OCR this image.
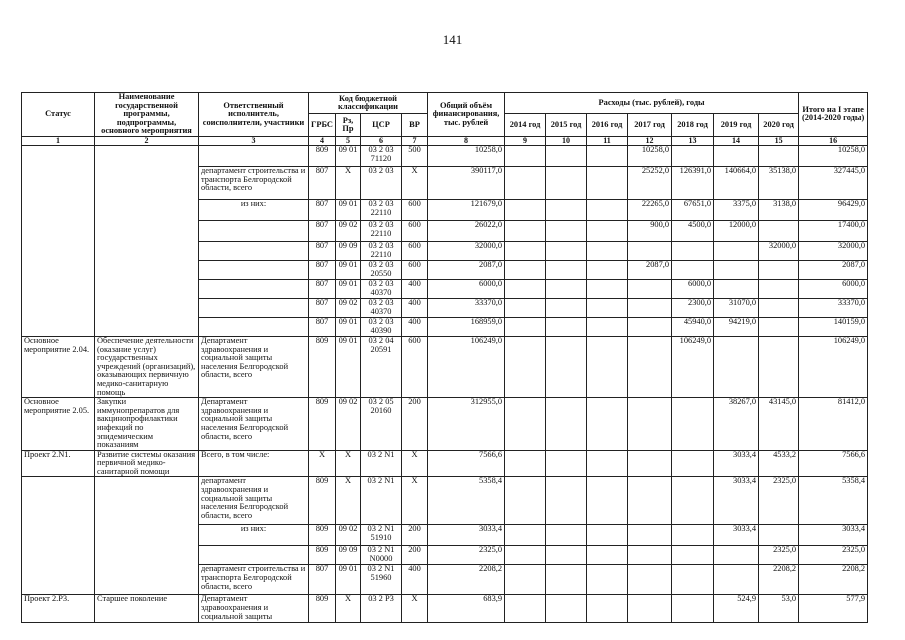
141
Статус	Наименование государственной программы, подпрограммы, основного мероприятия	Ответственный исполнитель, соисполнители, участники	Код бюджетной классификации				Общий объём финансирования, тыс. рублей	Расходы (тыс. рублей), годы							Итого на I этапе (2014-2020 годы)
			ГРБС	Рз, Пр	ЦСР	ВР		2014 год	2015 год	2016 год	2017 год	2018 год	2019 год	2020 год	
1	2	3	4	5	6	7	8	9	10	11	12	13	14	15	16
			809	09 01	03 2 03 71120	500	10258,0				10258,0				10258,0
		департамент строительства и транспорта Белгородской области, всего	807	X	03 2 03	X	390117,0				25252,0	126391,0	140664,0	35138,0	327445,0
		из них:	807	09 01	03 2 03 22110	600	121679,0				22265,0	67651,0	3375,0	3138,0	96429,0
			807	09 02	03 2 03 22110	600	26022,0				900,0	4500,0	12000,0		17400,0
			807	09 09	03 2 03 22110	600	32000,0							32000,0	32000,0
			807	09 01	03 2 03 20550	600	2087,0				2087,0				2087,0
			807	09 01	03 2 03 40370	400	6000,0					6000,0			6000,0
			807	09 02	03 2 03 40370	400	33370,0					2300,0	31070,0		33370,0
			807	09 01	03 2 03 40390	400	168959,0					45940,0	94219,0		140159,0
Основное мероприятие 2.04.	Обеспечение деятельности (оказание услуг) государственных учреждений (организаций), оказывающих первичную медико-санитарную помощь	Департамент здравоохранения и социальной защиты населения Белгородской области, всего	809	09 01	03 2 04 20591	600	106249,0					106249,0			106249,0
Основное мероприятие 2.05.	Закупки иммунопрепаратов для вакцинопрофилактики инфекций по эпидемическим показаниям	Департамент здравоохранения и социальной защиты населения Белгородской области, всего	809	09 02	03 2 05 20160	200	312955,0						38267,0	43145,0	81412,0
Проект 2.N1.	Развитие системы оказания первичной медико-санитарной помощи	Всего, в том числе:	X	X	03 2 N1	X	7566,6						3033,4	4533,2	7566,6
		департамент здравоохранения и социальной защиты населения Белгородской области, всего	809	X	03 2 N1	X	5358,4						3033,4	2325,0	5358,4
		из них:	809	09 02	03 2 N1 51910	200	3033,4						3033,4		3033,4
			809	09 09	03 2 N1 N0000	200	2325,0							2325,0	2325,0
		департамент строительства и транспорта Белгородской области, всего	807	09 01	03 2 N1 51960	400	2208,2							2208,2	2208,2
Проект 2.P3.	Старшее поколение	Департамент здравоохранения и социальной защиты	809	X	03 2 P3	X	683,9						524,9	53,0	577,9
